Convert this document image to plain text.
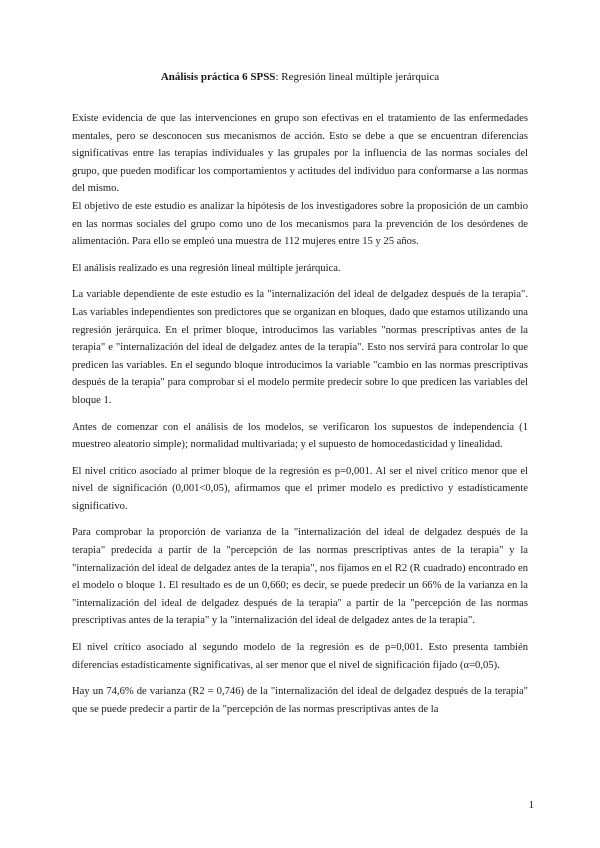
Análisis práctica 6 SPSS: Regresión lineal múltiple jerárquica

Existe evidencia de que las intervenciones en grupo son efectivas en el tratamiento de las enfermedades mentales, pero se desconocen sus mecanismos de acción. Esto se debe a que se encuentran diferencias significativas entre las terapias individuales y las grupales por la influencia de las normas sociales del grupo, que pueden modificar los comportamientos y actitudes del individuo para conformarse a las normas del mismo.

El objetivo de este estudio es analizar la hipótesis de los investigadores sobre la proposición de un cambio en las normas sociales del grupo como uno de los mecanismos para la prevención de los desórdenes de alimentación. Para ello se empleó una muestra de 112 mujeres entre 15 y 25 años.

El análisis realizado es una regresión lineal múltiple jerárquica.

La variable dependiente de este estudio es la "internalización del ideal de delgadez después de la terapia". Las variables independientes son predictores que se organizan en bloques, dado que estamos utilizando una regresión jerárquica. En el primer bloque, introducimos las variables "normas prescriptivas antes de la terapia" e "internalización del ideal de delgadez antes de la terapia". Esto nos servirá para controlar lo que predicen las variables. En el segundo bloque introducimos la variable "cambio en las normas prescriptivas después de la terapia" para comprobar si el modelo permite predecir sobre lo que predicen las variables del bloque 1.

Antes de comenzar con el análisis de los modelos, se verificaron los supuestos de independencia (1 muestreo aleatorio simple); normalidad multivariada; y el supuesto de homocedasticidad y linealidad.

El nivel crítico asociado al primer bloque de la regresión es p=0,001. Al ser el nivel crítico menor que el nivel de significación (0,001<0,05), afirmamos que el primer modelo es predictivo y estadísticamente significativo.

Para comprobar la proporción de varianza de la "internalización del ideal de delgadez después de la terapia" predecida a partir de la "percepción de las normas prescriptivas antes de la terapia" y la "internalización del ideal de delgadez antes de la terapia", nos fijamos en el R2 (R cuadrado) encontrado en el modelo o bloque 1. El resultado es de un 0,660; es decir, se puede predecir un 66% de la varianza en la "internalización del ideal de delgadez después de la terapia" a partir de la "percepción de las normas prescriptivas antes de la terapia" y la "internalización del ideal de delgadez antes de la terapia".

El nivel crítico asociado al segundo modelo de la regresión es de p=0,001. Esto presenta también diferencias estadísticamente significativas, al ser menor que el nivel de significación fijado (α=0,05).

Hay un 74,6% de varianza (R2 = 0,746) de la "internalización del ideal de delgadez después de la terapia" que se puede predecir a partir de la "percepción de las normas prescriptivas antes de la

1
